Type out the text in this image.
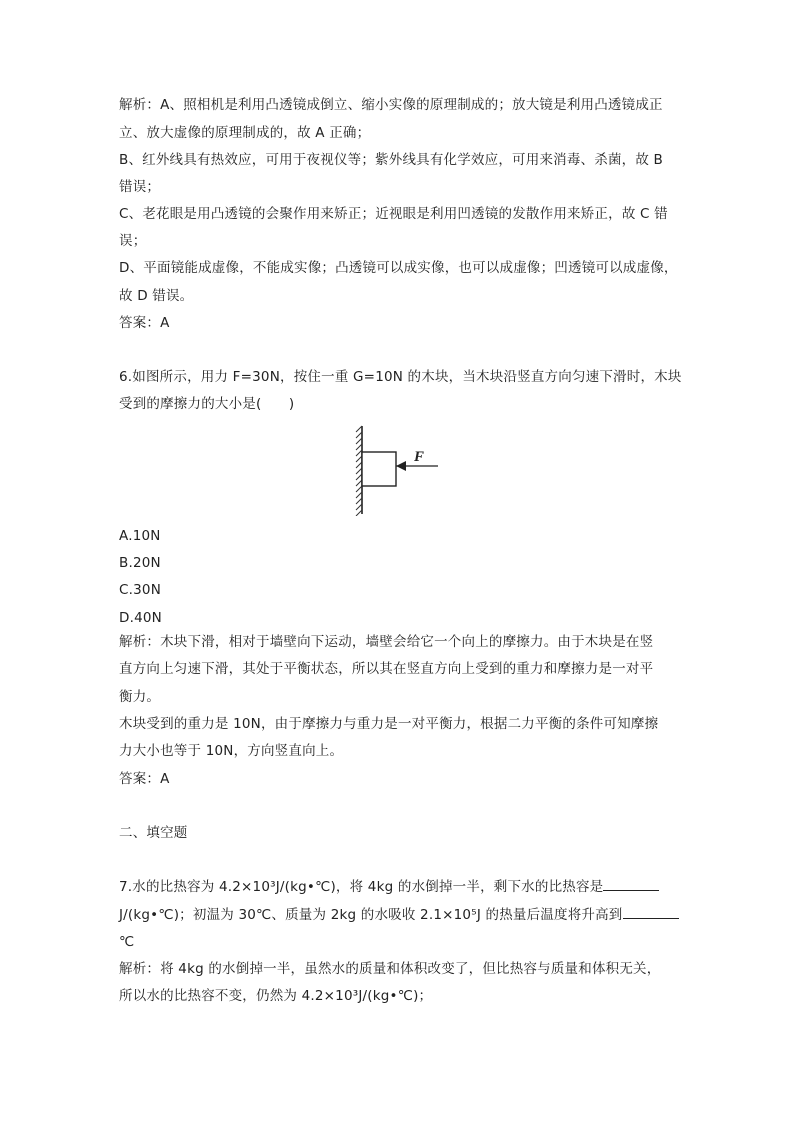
解析：A、照相机是利用凸透镜成倒立、缩小实像的原理制成的；放大镜是利用凸透镜成正
立、放大虚像的原理制成的，故 A 正确；
B、红外线具有热效应，可用于夜视仪等；紫外线具有化学效应，可用来消毒、杀菌，故 B
错误；
C、老花眼是用凸透镜的会聚作用来矫正；近视眼是利用凹透镜的发散作用来矫正，故 C 错
误；
D、平面镜能成虚像，不能成实像；凸透镜可以成实像，也可以成虚像；凹透镜可以成虚像，
故 D 错误。
答案：A
6.如图所示，用力 F=30N，按住一重 G=10N 的木块，当木块沿竖直方向匀速下滑时，木块
受到的摩擦力的大小是(　　)
F
A.10N
B.20N
C.30N
D.40N
解析：木块下滑，相对于墙壁向下运动，墙壁会给它一个向上的摩擦力。由于木块是在竖
直方向上匀速下滑，其处于平衡状态，所以其在竖直方向上受到的重力和摩擦力是一对平
衡力。
木块受到的重力是 10N，由于摩擦力与重力是一对平衡力，根据二力平衡的条件可知摩擦
力大小也等于 10N，方向竖直向上。
答案：A
二、填空题
7.水的比热容为 4.2×10³J/(kg•℃)，将 4kg 的水倒掉一半，剩下水的比热容是
J/(kg•℃)；初温为 30℃、质量为 2kg 的水吸收 2.1×10⁵J 的热量后温度将升高到
℃
解析：将 4kg 的水倒掉一半，虽然水的质量和体积改变了，但比热容与质量和体积无关，
所以水的比热容不变，仍然为 4.2×10³J/(kg•℃)；
